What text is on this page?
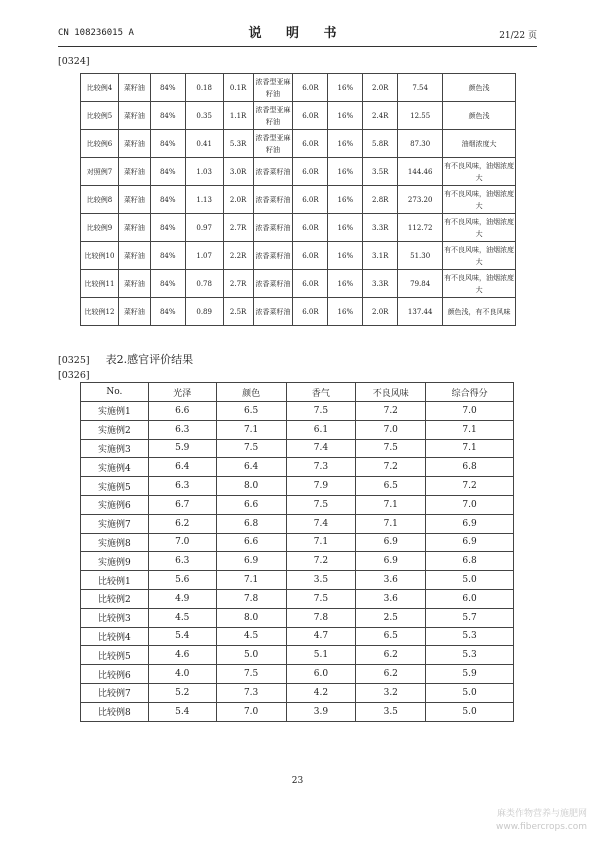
CN 108236015 A	说 明 书	21/22 页
[0324]
比较例4	菜籽油	84%	0.18	0.1R	浓香型亚麻籽油	6.0R	16%	2.0R	7.54	颜色浅
比较例5	菜籽油	84%	0.35	1.1R	浓香型亚麻籽油	6.0R	16%	2.4R	12.55	颜色浅
比较例6	菜籽油	84%	0.41	5.3R	浓香型亚麻籽油	6.0R	16%	5.8R	87.30	油烟浓度大
对照例7	菜籽油	84%	1.03	3.0R	浓香菜籽油	6.0R	16%	3.5R	144.46	有不良风味，油烟浓度大
比较例8	菜籽油	84%	1.13	2.0R	浓香菜籽油	6.0R	16%	2.8R	273.20	有不良风味，油烟浓度大
比较例9	菜籽油	84%	0.97	2.7R	浓香菜籽油	6.0R	16%	3.3R	112.72	有不良风味，油烟浓度大
比较例10	菜籽油	84%	1.07	2.2R	浓香菜籽油	6.0R	16%	3.1R	51.30	有不良风味，油烟浓度大
比较例11	菜籽油	84%	0.78	2.7R	浓香菜籽油	6.0R	16%	3.3R	79.84	有不良风味，油烟浓度大
比较例12	菜籽油	84%	0.89	2.5R	浓香菜籽油	6.0R	16%	2.0R	137.44	颜色浅，有不良风味
[0325] 表2.感官评价结果
[0326]
No.	光泽	颜色	香气	不良风味	综合得分
实施例1	6.6	6.5	7.5	7.2	7.0
实施例2	6.3	7.1	6.1	7.0	7.1
实施例3	5.9	7.5	7.4	7.5	7.1
实施例4	6.4	6.4	7.3	7.2	6.8
实施例5	6.3	8.0	7.9	6.5	7.2
实施例6	6.7	6.6	7.5	7.1	7.0
实施例7	6.2	6.8	7.4	7.1	6.9
实施例8	7.0	6.6	7.1	6.9	6.9
实施例9	6.3	6.9	7.2	6.9	6.8
比较例1	5.6	7.1	3.5	3.6	5.0
比较例2	4.9	7.8	7.5	3.6	6.0
比较例3	4.5	8.0	7.8	2.5	5.7
比较例4	5.4	4.5	4.7	6.5	5.3
比较例5	4.6	5.0	5.1	6.2	5.3
比较例6	4.0	7.5	6.0	6.2	5.9
比较例7	5.2	7.3	4.2	3.2	5.0
比较例8	5.4	7.0	3.9	3.5	5.0
23
麻类作物营养与施肥网
www.fibercrops.com
